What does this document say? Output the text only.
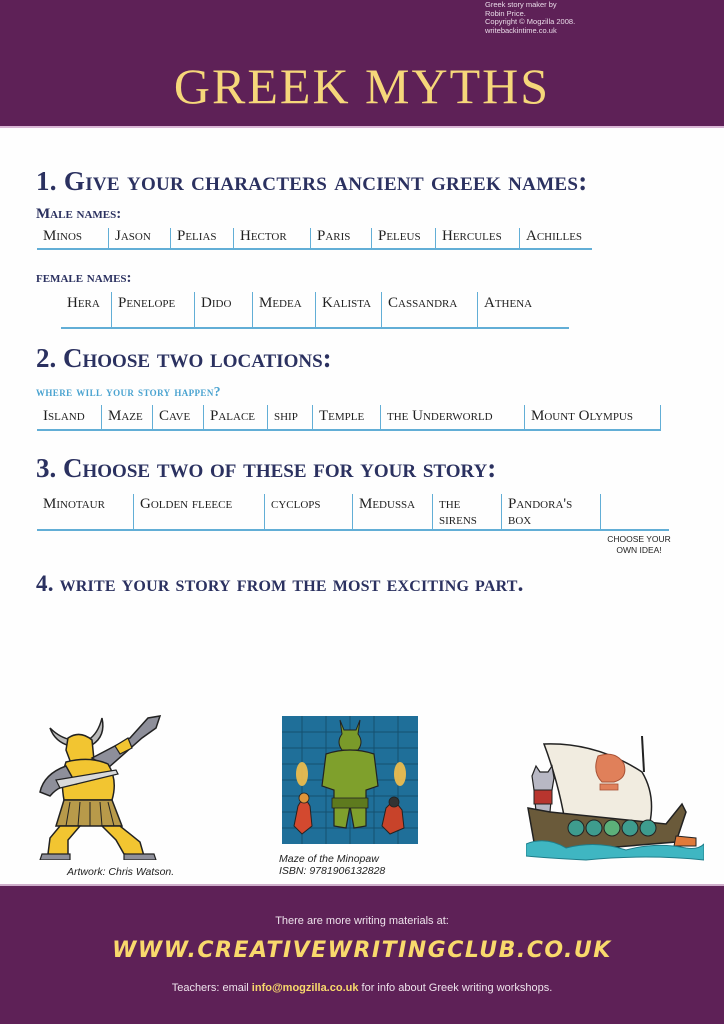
Greek story maker by
Robin Price.
Copyright © Mogzilla 2008.
writebackintime.co.uk
GREEK MYTHS
1. Give your characters ancient greek names:
Male names:
Minos	Jason	Pelias	Hector	Paris	Peleus	Hercules	Achilles
female names:
Hera	Penelope	Dido	Medea	Kalista	Cassandra	Athena
2. Choose two locations:
where will your story happen?
Island	Maze	Cave	Palace	ship	Temple	the Underworld	Mount Olympus
3. Choose two of these for your story:
Minotaur	Golden fleece	cyclops	Medussa	the sirens
Pandora's box
CHOOSE YOUR OWN IDEA!
4. write your story from the most exciting part.
Artwork: Chris Watson.
Maze of the Minopaw
ISBN: 9781906132828
There are more writing materials at:
WWW.CREATIVEWRITINGCLUB.CO.UK
Teachers: email info@mogzilla.co.uk for info about Greek writing workshops.
